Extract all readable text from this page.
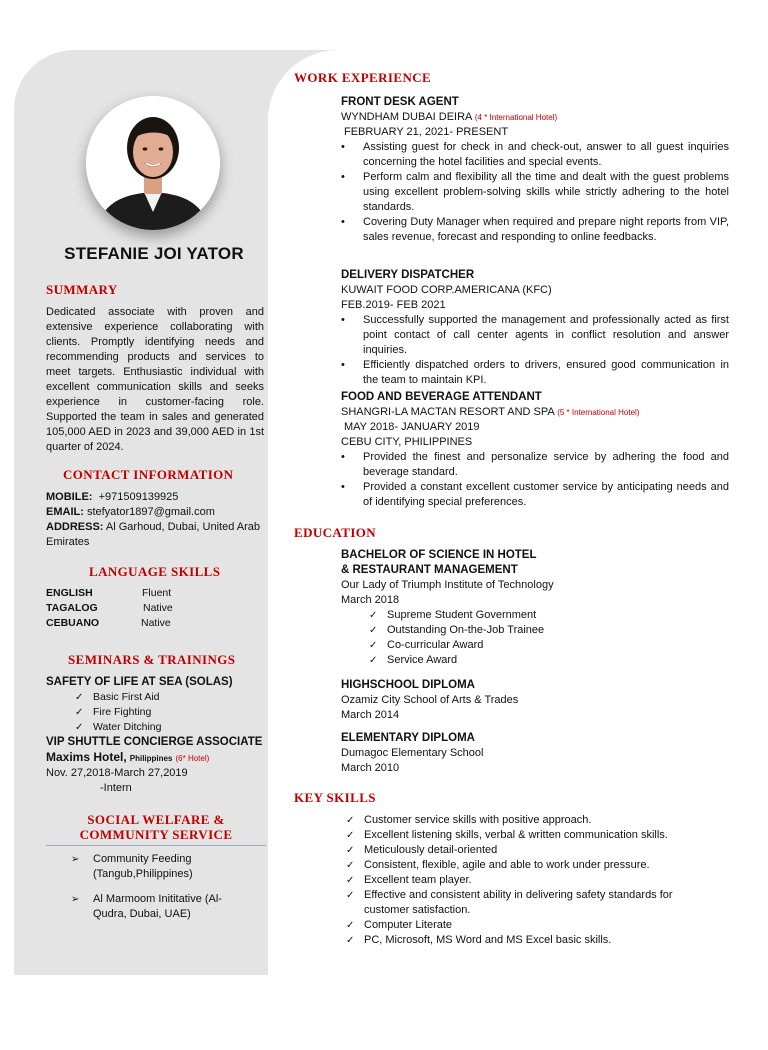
STEFANIE JOI YATOR
SUMMARY
Dedicated associate with proven and extensive experience collaborating with clients. Promptly identifying needs and recommending products and services to meet targets. Enthusiastic individual with excellent communication skills and seeks experience in customer-facing role. Supported the team in sales and generated 105,000 AED in 2023 and 39,000 AED in 1st quarter of 2024.
CONTACT INFORMATION
MOBILE: +971509139925
EMAIL: stefyator1897@gmail.com
ADDRESS: Al Garhoud, Dubai, United Arab Emirates
LANGUAGE SKILLS
ENGLISH	Fluent
TAGALOG	Native
CEBUANO	Native
SEMINARS & TRAININGS
SAFETY OF LIFE AT SEA (SOLAS)
✓ Basic First Aid
✓ Fire Fighting
✓ Water Ditching
VIP SHUTTLE CONCIERGE ASSOCIATE
Maxims Hotel, Philippines (6* Hotel)
Nov. 27,2018-March 27,2019
-Intern
SOCIAL WELFARE &
COMMUNITY SERVICE
➢ Community Feeding (Tangub,Philippines)
➢ Al Marmoom Inititative (Al-Qudra, Dubai, UAE)
WORK EXPERIENCE
FRONT DESK AGENT
WYNDHAM DUBAI DEIRA (4 * International Hotel)
FEBRUARY 21, 2021- PRESENT
• Assisting guest for check in and check-out, answer to all guest inquiries concerning the hotel facilities and special events.
• Perform calm and flexibility all the time and dealt with the guest problems using excellent problem-solving skills while strictly adhering to the hotel standards.
• Covering Duty Manager when required and prepare night reports from VIP, sales revenue, forecast and responding to online feedbacks.
DELIVERY DISPATCHER
KUWAIT FOOD CORP.AMERICANA (KFC)
FEB.2019- FEB 2021
• Successfully supported the management and professionally acted as first point contact of call center agents in conflict resolution and answer inquiries.
• Efficiently dispatched orders to drivers, ensured good communication in the team to maintain KPI.
FOOD AND BEVERAGE ATTENDANT
SHANGRI-LA MACTAN RESORT AND SPA (5 * International Hotel)
MAY 2018- JANUARY 2019
CEBU CITY, PHILIPPINES
• Provided the finest and personalize service by adhering the food and beverage standard.
• Provided a constant excellent customer service by anticipating needs and of identifying special preferences.
EDUCATION
BACHELOR OF SCIENCE IN HOTEL
& RESTAURANT MANAGEMENT
Our Lady of Triumph Institute of Technology
March 2018
✓ Supreme Student Government
✓ Outstanding On-the-Job Trainee
✓ Co-curricular Award
✓ Service Award
HIGHSCHOOL DIPLOMA
Ozamiz City School of Arts & Trades
March 2014
ELEMENTARY DIPLOMA
Dumagoc Elementary School
March 2010
KEY SKILLS
✓ Customer service skills with positive approach.
✓ Excellent listening skills, verbal & written communication skills.
✓ Meticulously detail-oriented
✓ Consistent, flexible, agile and able to work under pressure.
✓ Excellent team player.
✓ Effective and consistent ability in delivering safety standards for customer satisfaction.
✓ Computer Literate
✓ PC, Microsoft, MS Word and MS Excel basic skills.
